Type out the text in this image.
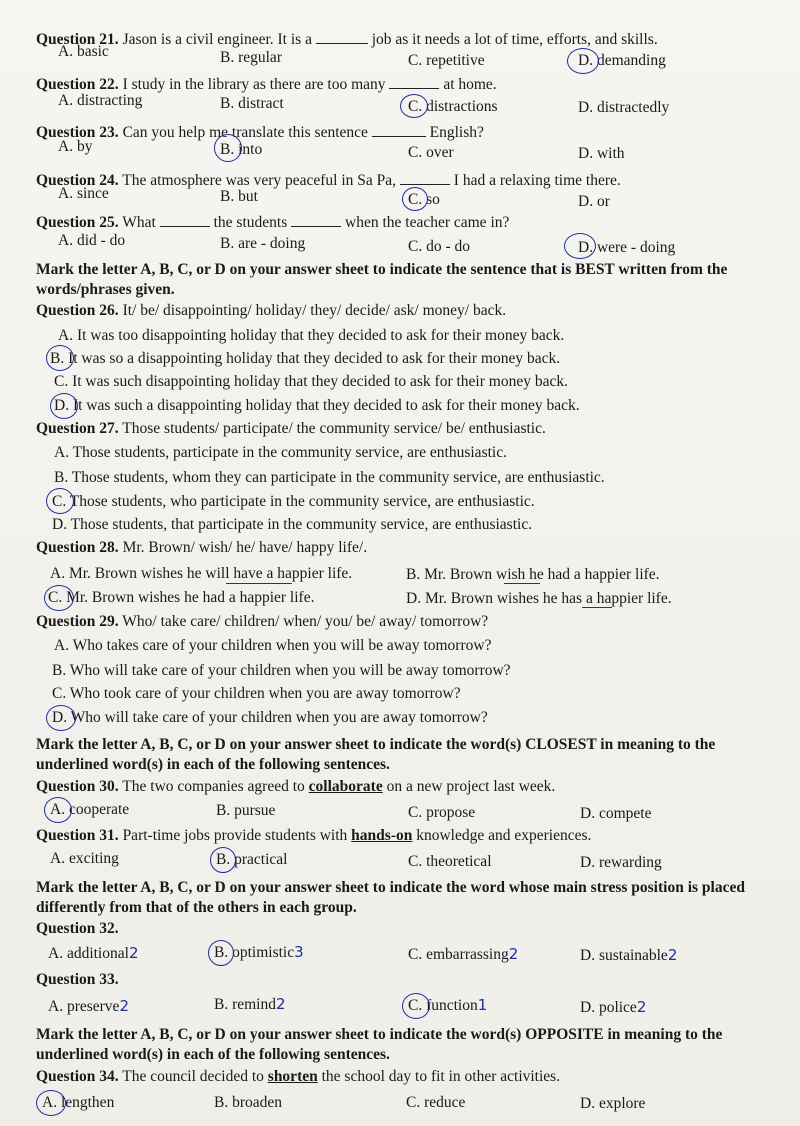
Question 21. Jason is a civil engineer. It is a	job as it needs a lot of time, efforts, and skills.
A. basic	B. regular	C. repetitive	D. demanding
Question 22. I study in the library as there are too many	at home.
A. distracting	B. distract	C. distractions	D. distractedly
Question 23. Can you help me translate this sentence	English?
A. by	B. into	C. over	D. with
Question 24. The atmosphere was very peaceful in Sa Pa,	I had a relaxing time there.
A. since	B. but	C. so	D. or
Question 25. What	the students	when the teacher came in?
A. did - do	B. are - doing	C. do - do	D. were - doing
Mark the letter A, B, C, or D on your answer sheet to indicate the sentence that is BEST written from the words/phrases given.
Question 26. It/ be/ disappointing/ holiday/ they/ decide/ ask/ money/ back.
A. It was too disappointing holiday that they decided to ask for their money back.
B. It was so a disappointing holiday that they decided to ask for their money back.
C. It was such disappointing holiday that they decided to ask for their money back.
D. It was such a disappointing holiday that they decided to ask for their money back.
Question 27. Those students/ participate/ the community service/ be/ enthusiastic.
A. Those students, participate in the community service, are enthusiastic.
B. Those students, whom they can participate in the community service, are enthusiastic.
C. Those students, who participate in the community service, are enthusiastic.
D. Those students, that participate in the community service, are enthusiastic.
Question 28. Mr. Brown/ wish/ he/ have/ happy life/.
A. Mr. Brown wishes he will have a happier life.	B. Mr. Brown wish he had a happier life.
C. Mr. Brown wishes he had a happier life.	D. Mr. Brown wishes he has a happier life.
Question 29. Who/ take care/ children/ when/ you/ be/ away/ tomorrow?
A. Who takes care of your children when you will be away tomorrow?
B. Who will take care of your children when you will be away tomorrow?
C. Who took care of your children when you are away tomorrow?
D. Who will take care of your children when you are away tomorrow?
Mark the letter A, B, C, or D on your answer sheet to indicate the word(s) CLOSEST in meaning to the underlined word(s) in each of the following sentences.
Question 30. The two companies agreed to collaborate on a new project last week.
A. cooperate	B. pursue	C. propose	D. compete
Question 31. Part-time jobs provide students with hands-on knowledge and experiences.
A. exciting	B. practical	C. theoretical	D. rewarding
Mark the letter A, B, C, or D on your answer sheet to indicate the word whose main stress position is placed differently from that of the others in each group.
Question 32.
A. additional 2	B. optimistic 3	C. embarrassing 2	D. sustainable 2
Question 33.
A. preserve 2	B. remind 2	C. function 1	D. police 2
Mark the letter A, B, C, or D on your answer sheet to indicate the word(s) OPPOSITE in meaning to the underlined word(s) in each of the following sentences.
Question 34. The council decided to shorten the school day to fit in other activities.
A. lengthen	B. broaden	C. reduce	D. explore
